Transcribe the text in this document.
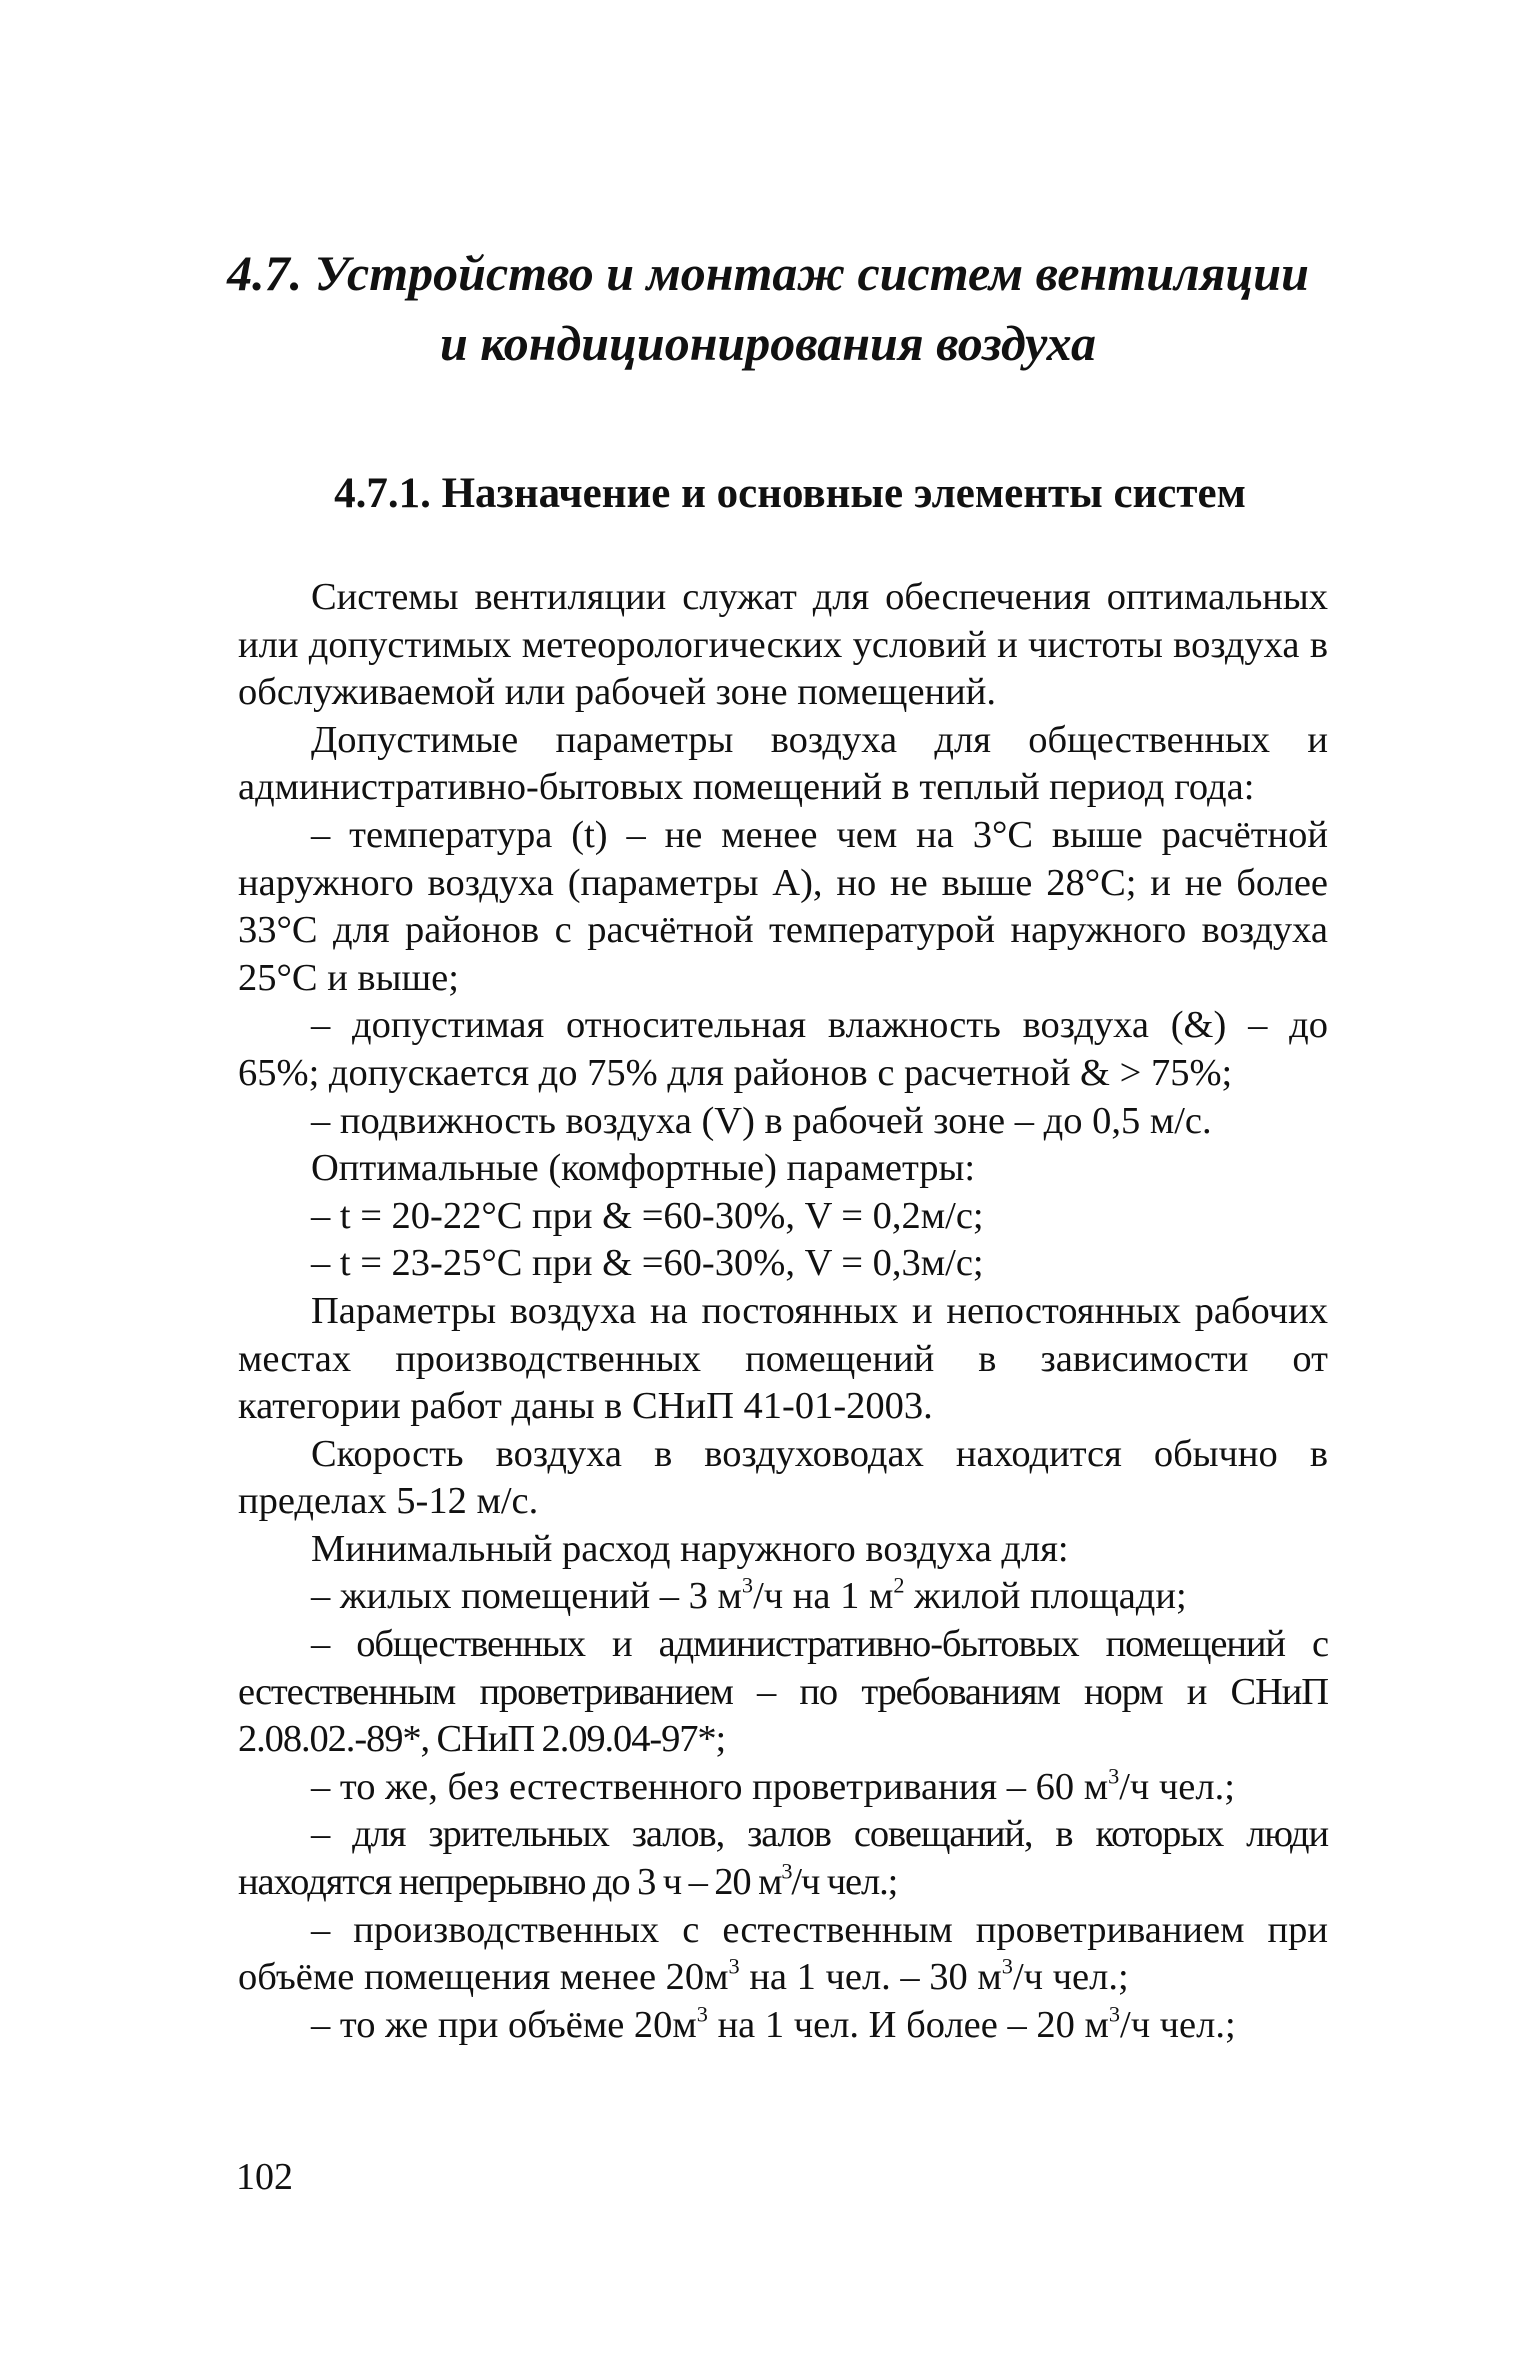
4.7. Устройство и монтаж систем вентиляции
и кондиционирования воздуха
4.7.1. Назначение и основные элементы систем

Системы вентиляции служат для обеспечения оптимальных или допустимых метеорологических условий и чистоты воздуха в обслуживаемой или рабочей зоне помещений.

Допустимые параметры воздуха для общественных и административно-бытовых помещений в теплый период года:

– температура (t) – не менее чем на 3°С выше расчётной наружного воздуха (параметры А), но не выше 28°С; и не более 33°С для районов с расчётной температурой наружного воздуха 25°С и выше;

– допустимая относительная влажность воздуха (&) – до 65%; допускается до 75% для районов с расчетной & > 75%;

– подвижность воздуха (V) в рабочей зоне – до 0,5 м/с.

Оптимальные (комфортные) параметры:

– t = 20-22°С при & =60-30%, V = 0,2м/с;

– t = 23-25°С при & =60-30%, V = 0,3м/с;

Параметры воздуха на постоянных и непостоянных рабочих местах производственных помещений в зависимости от категории работ даны в СНиП 41-01-2003.

Скорость воздуха в воздуховодах находится обычно в пределах 5-12 м/с.

Минимальный расход наружного воздуха для:

– жилых помещений – 3 $м^3/ч$ на 1 $м^2$ жилой площади;

– общественных и административно-бытовых помещений с естественным проветриванием – по требованиям норм и СНиП 2.08.02.-89*, СНиП 2.09.04-97*;

– то же, без естественного проветривания – 60 $м^3/ч$ чел.;

– для зрительных залов, залов совещаний, в которых люди находятся непрерывно до 3 ч – 20 $м^3/ч$ чел.;

– производственных с естественным проветриванием при объёме помещения менее $20м^3$ на 1 чел. – 30 $м^3/ч$ чел.;

– то же при объёме $20м^3$ на 1 чел. И более – 20 $м^3/ч$ чел.;

102
